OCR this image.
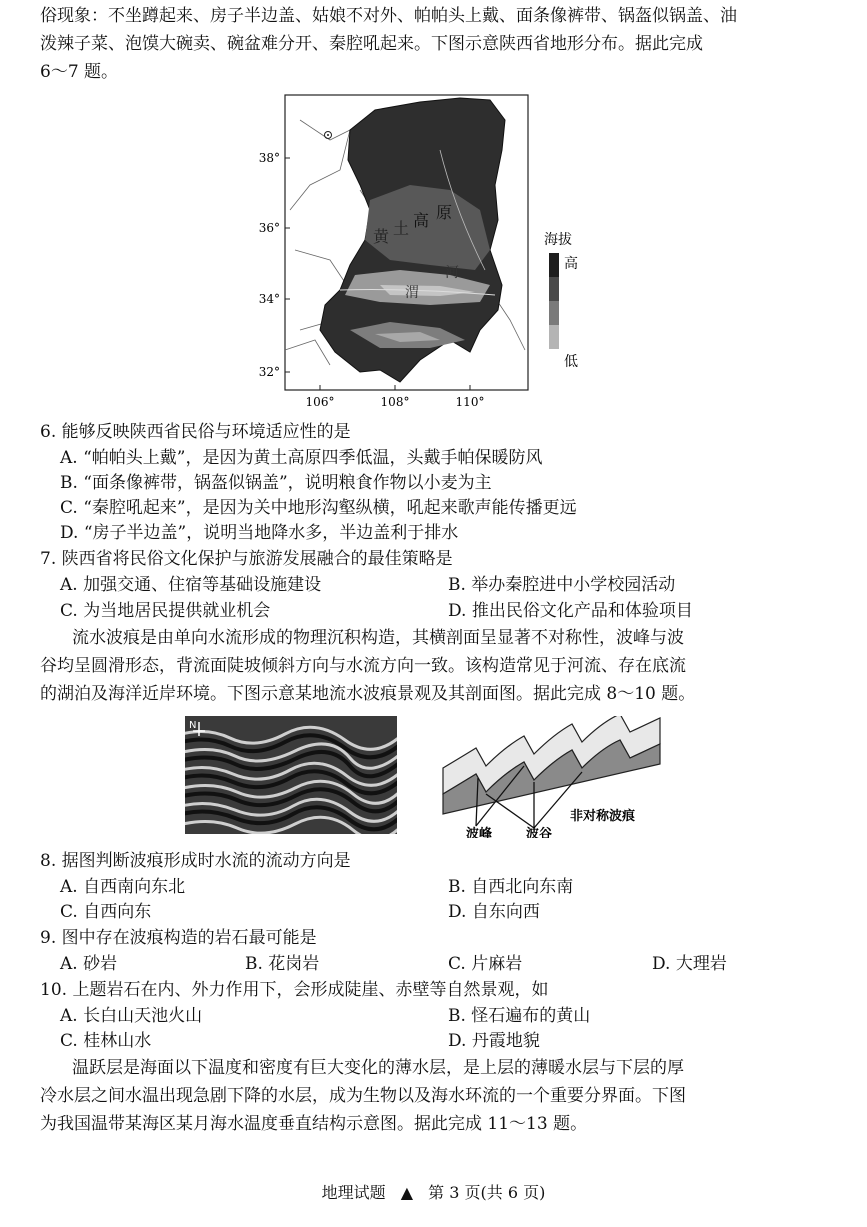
俗现象：不坐蹲起来、房子半边盖、姑娘不对外、帕帕头上戴、面条像裤带、锅盔似锅盖、油
泼辣子菜、泡馍大碗卖、碗盆难分开、秦腔吼起来。下图示意陕西省地形分布。据此完成
6～7 题。
38°
36°
34°
32°
106°	108°	110°
黄 土 高 原
渭
河
海拔
高
低
6. 能够反映陕西省民俗与环境适应性的是
A. “帕帕头上戴”，是因为黄土高原四季低温，头戴手帕保暖防风
B. “面条像裤带，锅盔似锅盖”，说明粮食作物以小麦为主
C. “秦腔吼起来”，是因为关中地形沟壑纵横，吼起来歌声能传播更远
D. “房子半边盖”，说明当地降水多，半边盖利于排水
7. 陕西省将民俗文化保护与旅游发展融合的最佳策略是
A. 加强交通、住宿等基础设施建设	B. 举办秦腔进中小学校园活动
C. 为当地居民提供就业机会	D. 推出民俗文化产品和体验项目
流水波痕是由单向水流形成的物理沉积构造，其横剖面呈显著不对称性，波峰与波
谷均呈圆滑形态，背流面陡坡倾斜方向与水流方向一致。该构造常见于河流、存在底流
的湖泊及海洋近岸环境。下图示意某地流水波痕景观及其剖面图。据此完成 8～10 题。
N
波峰	波谷
非对称波痕
8. 据图判断波痕形成时水流的流动方向是
A. 自西南向东北	B. 自西北向东南
C. 自西向东	D. 自东向西
9. 图中存在波痕构造的岩石最可能是
A. 砂岩	B. 花岗岩	C. 片麻岩	D. 大理岩
10. 上题岩石在内、外力作用下，会形成陡崖、赤壁等自然景观，如
A. 长白山天池火山	B. 怪石遍布的黄山
C. 桂林山水	D. 丹霞地貌
温跃层是海面以下温度和密度有巨大变化的薄水层，是上层的薄暖水层与下层的厚
冷水层之间水温出现急剧下降的水层，成为生物以及海水环流的一个重要分界面。下图
为我国温带某海区某月海水温度垂直结构示意图。据此完成 11～13 题。
地理试题 ▲ 第 3 页(共 6 页)
